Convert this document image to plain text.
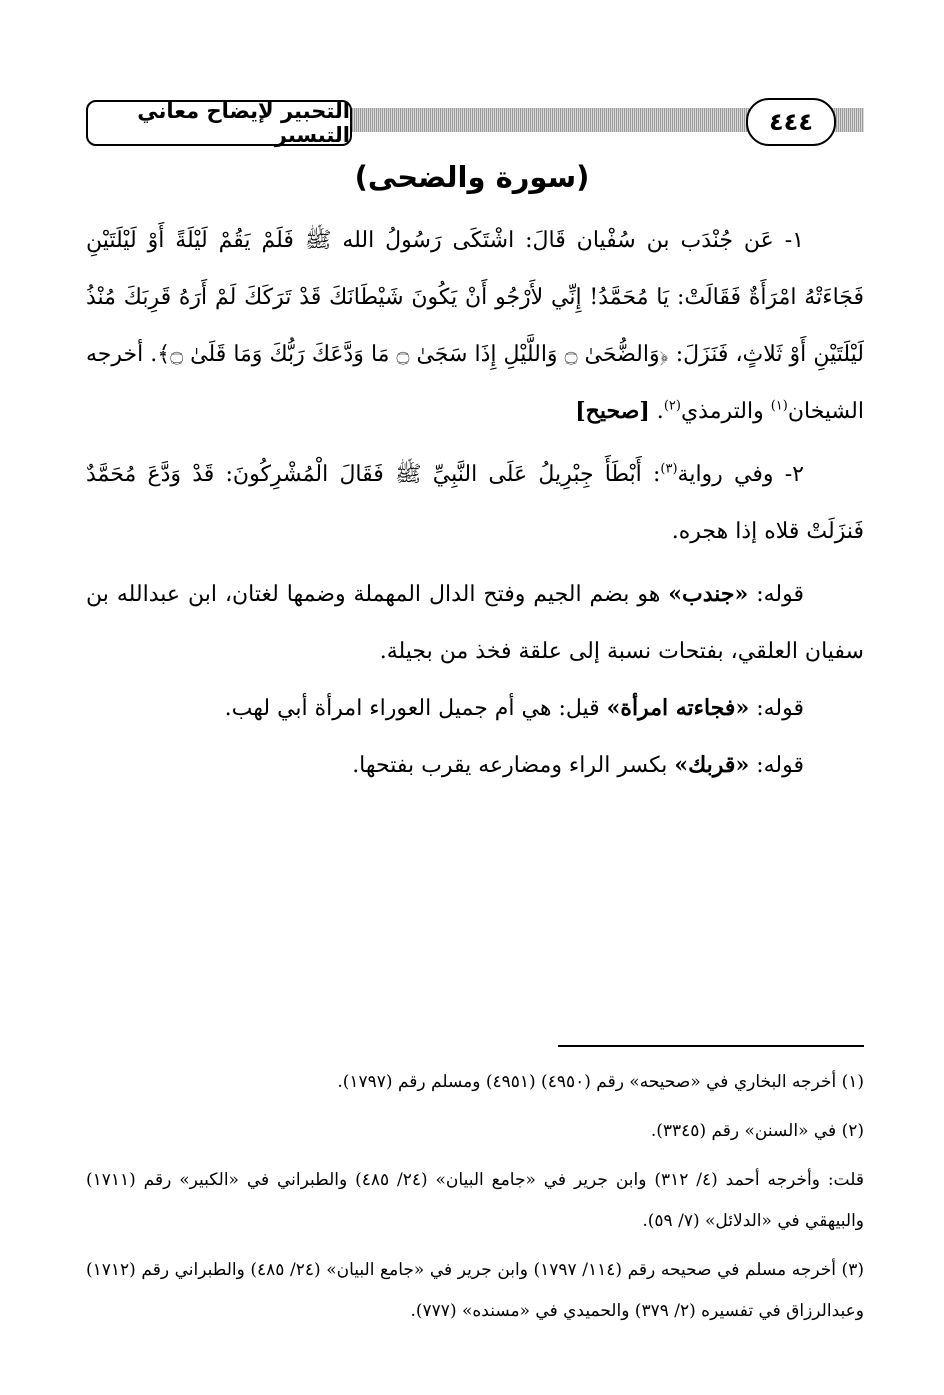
التحبير لإيضاح معاني التيسير	٤٤٤
(سورة والضحى)

١- عَن جُنْدَب بن سُفْيان قَالَ: اشْتَكَى رَسُولُ الله ﷺ فَلَمْ يَقُمْ لَيْلَةً أَوْ لَيْلَتَيْنِ فَجَاءَتْهُ امْرَأَةٌ فَقَالَتْ: يَا مُحَمَّدُ! إِنِّي لأَرْجُو أَنْ يَكُونَ شَيْطَانَكَ قَدْ تَرَكَكَ لَمْ أَرَهُ قَرِبَكَ مُنْذُ لَيْلَتَيْنِ أَوْ ثَلاثٍ، فَنَزَلَ: ﴿وَالضُّحَىٰ ۝ وَاللَّيْلِ إِذَا سَجَىٰ ۝ مَا وَدَّعَكَ رَبُّكَ وَمَا قَلَىٰ ۝﴾. أخرجه الشيخان$^{(١)}$ والترمذي$^{(٢)}$. [صحيح]

٢- وفي رواية$^{(٣)}$: أَبْطَأَ جِبْرِيلُ عَلَى النَّبِيِّ ﷺ فَقَالَ الْمُشْرِكُونَ: قَدْ وَدَّعَ مُحَمَّدٌ فَنزَلَتْ قلاه إذا هجره.

قوله: «جندب» هو بضم الجيم وفتح الدال المهملة وضمها لغتان، ابن عبدالله بن سفيان العلقي، بفتحات نسبة إلى علقة فخذ من بجيلة.

قوله: «فجاءته امرأة» قيل: هي أم جميل العوراء امرأة أبي لهب.

قوله: «قربك» بكسر الراء ومضارعه يقرب بفتحها.

(١) أخرجه البخاري في «صحيحه» رقم (٤٩٥٠) (٤٩٥١) ومسلم رقم (١٧٩٧).

(٢) في «السنن» رقم (٣٣٤٥).

قلت: وأخرجه أحمد (٤/ ٣١٢) وابن جرير في «جامع البيان» (٢٤/ ٤٨٥) والطبراني في «الكبير» رقم (١٧١١) والبيهقي في «الدلائل» (٧/ ٥٩).

(٣) أخرجه مسلم في صحيحه رقم (١١٤/ ١٧٩٧) وابن جرير في «جامع البيان» (٢٤/ ٤٨٥) والطبراني رقم (١٧١٢) وعبدالرزاق في تفسيره (٢/ ٣٧٩) والحميدي في «مسنده» (٧٧٧).
